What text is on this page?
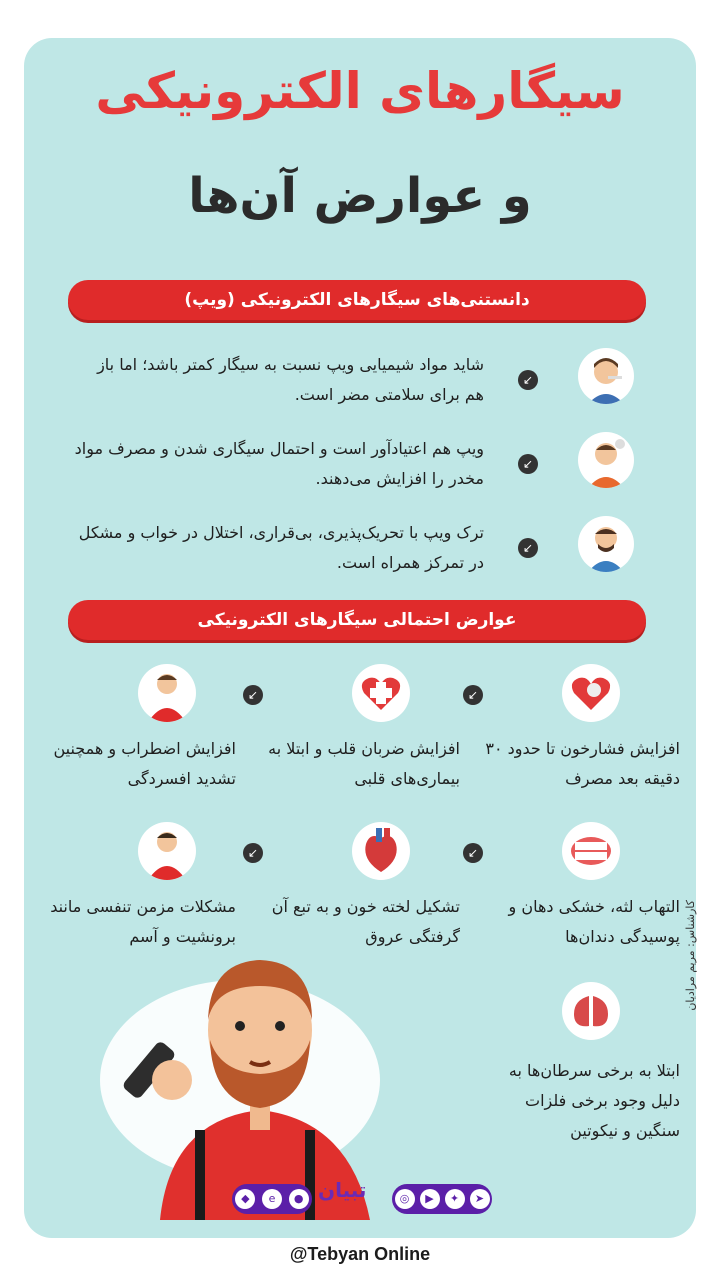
سیگارهای الکترونیکی
و عوارض آن‌ها
دانستنی‌های سیگارهای الکترونیکی (ویپ)
↙
شاید مواد شیمیایی ویپ نسبت به سیگار کمتر باشد؛ اما باز هم برای سلامتی مضر است.
↙
ویپ هم اعتیادآور است و احتمال سیگاری شدن و مصرف مواد مخدر را افزایش می‌دهند.
↙
ترک ویپ با تحریک‌پذیری، بی‌قراری، اختلال در خواب و مشکل در تمرکز همراه است.
عوارض احتمالی سیگارهای الکترونیکی
افزایش فشارخون تا حدود ۳۰ دقیقه بعد مصرف
↙
افزایش ضربان قلب و ابتلا به بیماری‌های قلبی
↙
افزایش اضطراب و همچنین تشدید افسردگی
التهاب لثه، خشکی دهان و پوسیدگی دندان‌ها
↙
تشکیل لخته خون و به تبع آن گرفتگی عروق
↙
مشکلات مزمن تنفسی مانند برونشیت و آسم
ابتلا به برخی سرطان‌ها به دلیل وجود برخی فلزات سنگین و نیکوتین
کارشناس: مریم مرادیان
●
e
◆	تبیان	➤
✦
▶
◎
@Tebyan Online
